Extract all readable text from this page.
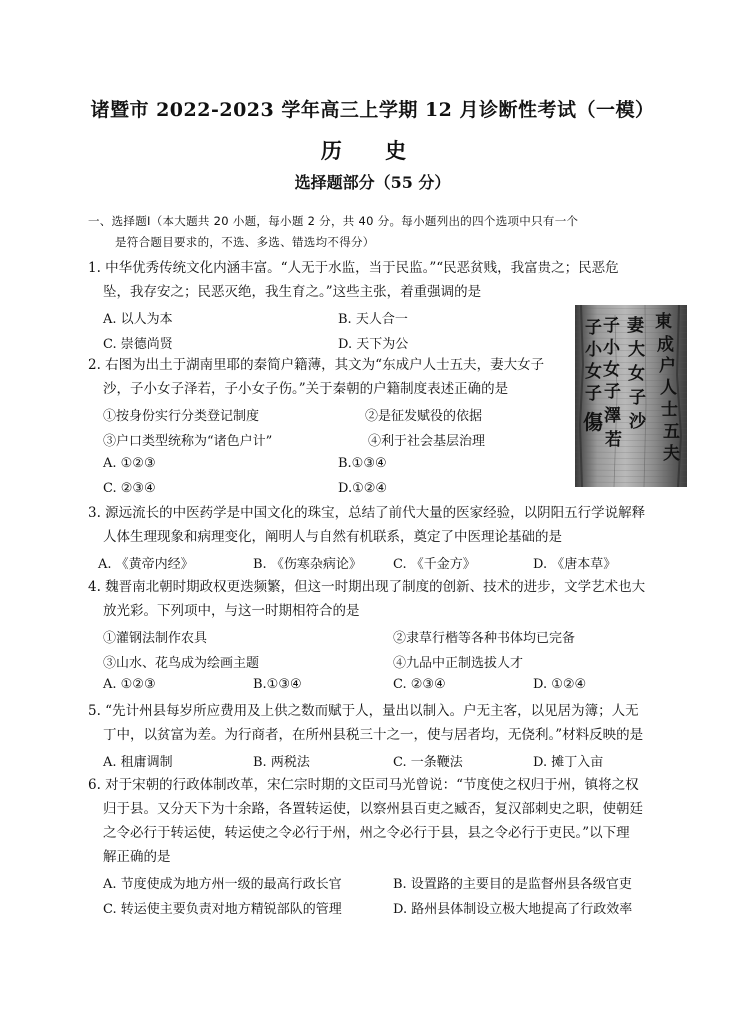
诸暨市 2022-2023 学年高三上学期 12 月诊断性考试（一模）
历 史
选择题部分（55 分）
一、选择题Ⅰ（本大题共 20 小题，每小题 2 分，共 40 分。每小题列出的四个选项中只有一个
是符合题目要求的，不选、多选、错选均不得分）
1. 中华优秀传统文化内涵丰富。“人无于水监，当于民监。”“民恶贫贱，我富贵之；民恶危
坠，我存安之；民恶灭绝，我生育之。”这些主张，着重强调的是
A. 以人为本	B. 天人合一
C. 崇德尚贤	D. 天下为公
2. 右图为出土于湖南里耶的秦简户籍薄，其文为“东成户人士五夫，妻大女子
沙，子小女子泽若，子小女子伤。”关于秦朝的户籍制度表述正确的是
①按身份实行分类登记制度	②是征发赋役的依据
③户口类型统称为“诸色户计”	④利于社会基层治理
A. ①②③	B.①③④
C. ②③④	D.①②④
東
成
户
人
士
五
夫
妻
大
女
子
沙
子
小
女
子
澤
若
子
小
女
子
傷
3. 源远流长的中医药学是中国文化的珠宝，总结了前代大量的医家经验，以阴阳五行学说解释
人体生理现象和病理变化，阐明人与自然有机联系，奠定了中医理论基础的是
A. 《黄帝内经》	B. 《伤寒杂病论》 C. 《千金方》	D. 《唐本草》
4. 魏晋南北朝时期政权更迭频繁，但这一时期出现了制度的创新、技术的进步，文学艺术也大
放光彩。下列项中，与这一时期相符合的是
①灌钢法制作农具	②隶草行楷等各种书体均已完备
③山水、花鸟成为绘画主题	④九品中正制选拔人才
A. ①②③	B.①③④	C. ②③④	D. ①②④
5. “先计州县每岁所应费用及上供之数而赋于人，量出以制入。户无主客，以见居为簿；人无
丁中，以贫富为差。为行商者，在所州县税三十之一，使与居者均，无侥利。”材料反映的是
A. 租庸调制	B. 两税法	C. 一条鞭法	D. 摊丁入亩
6. 对于宋朝的行政体制改革，宋仁宗时期的文臣司马光曾说：“节度使之权归于州，镇将之权
归于县。又分天下为十余路，各置转运使，以察州县百吏之臧否，复汉部刺史之职，使朝廷
之令必行于转运使，转运使之令必行于州，州之令必行于县，县之令必行于吏民。”以下理
解正确的是
A. 节度使成为地方州一级的最高行政长官	B. 设置路的主要目的是监督州县各级官吏
C. 转运使主要负责对地方精锐部队的管理	D. 路州县体制设立极大地提高了行政效率
